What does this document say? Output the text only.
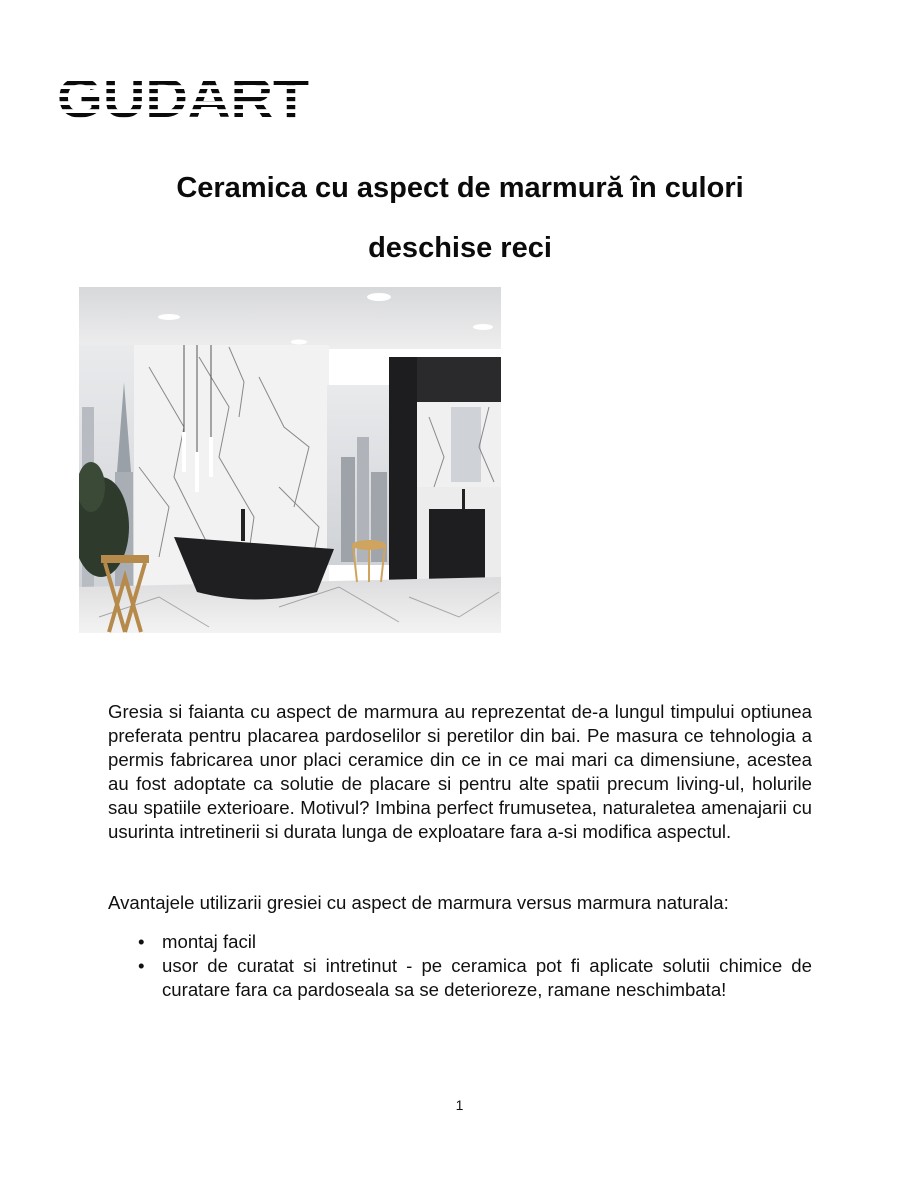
GUDART
Ceramica cu aspect de marmură în culori
deschise reci

Gresia si faianta cu aspect de marmura au reprezentat de-a lungul timpului optiunea preferata pentru placarea pardoselilor si peretilor din bai. Pe masura ce tehnologia a permis fabricarea unor placi ceramice din ce in ce mai mari ca dimensiune, acestea au fost adoptate ca solutie de placare si pentru alte spatii precum living-ul, holurile sau spatiile exterioare. Motivul? Imbina perfect frumusetea, naturaletea amenajarii cu usurinta intretinerii si durata lunga de exploatare fara a-si modifica aspectul.

Avantajele utilizarii gresiei cu aspect de marmura versus marmura naturala:

• montaj facil
• usor de curatat si intretinut - pe ceramica pot fi aplicate solutii chimice de curatare fara ca pardoseala sa se deterioreze, ramane neschimbata!
1
